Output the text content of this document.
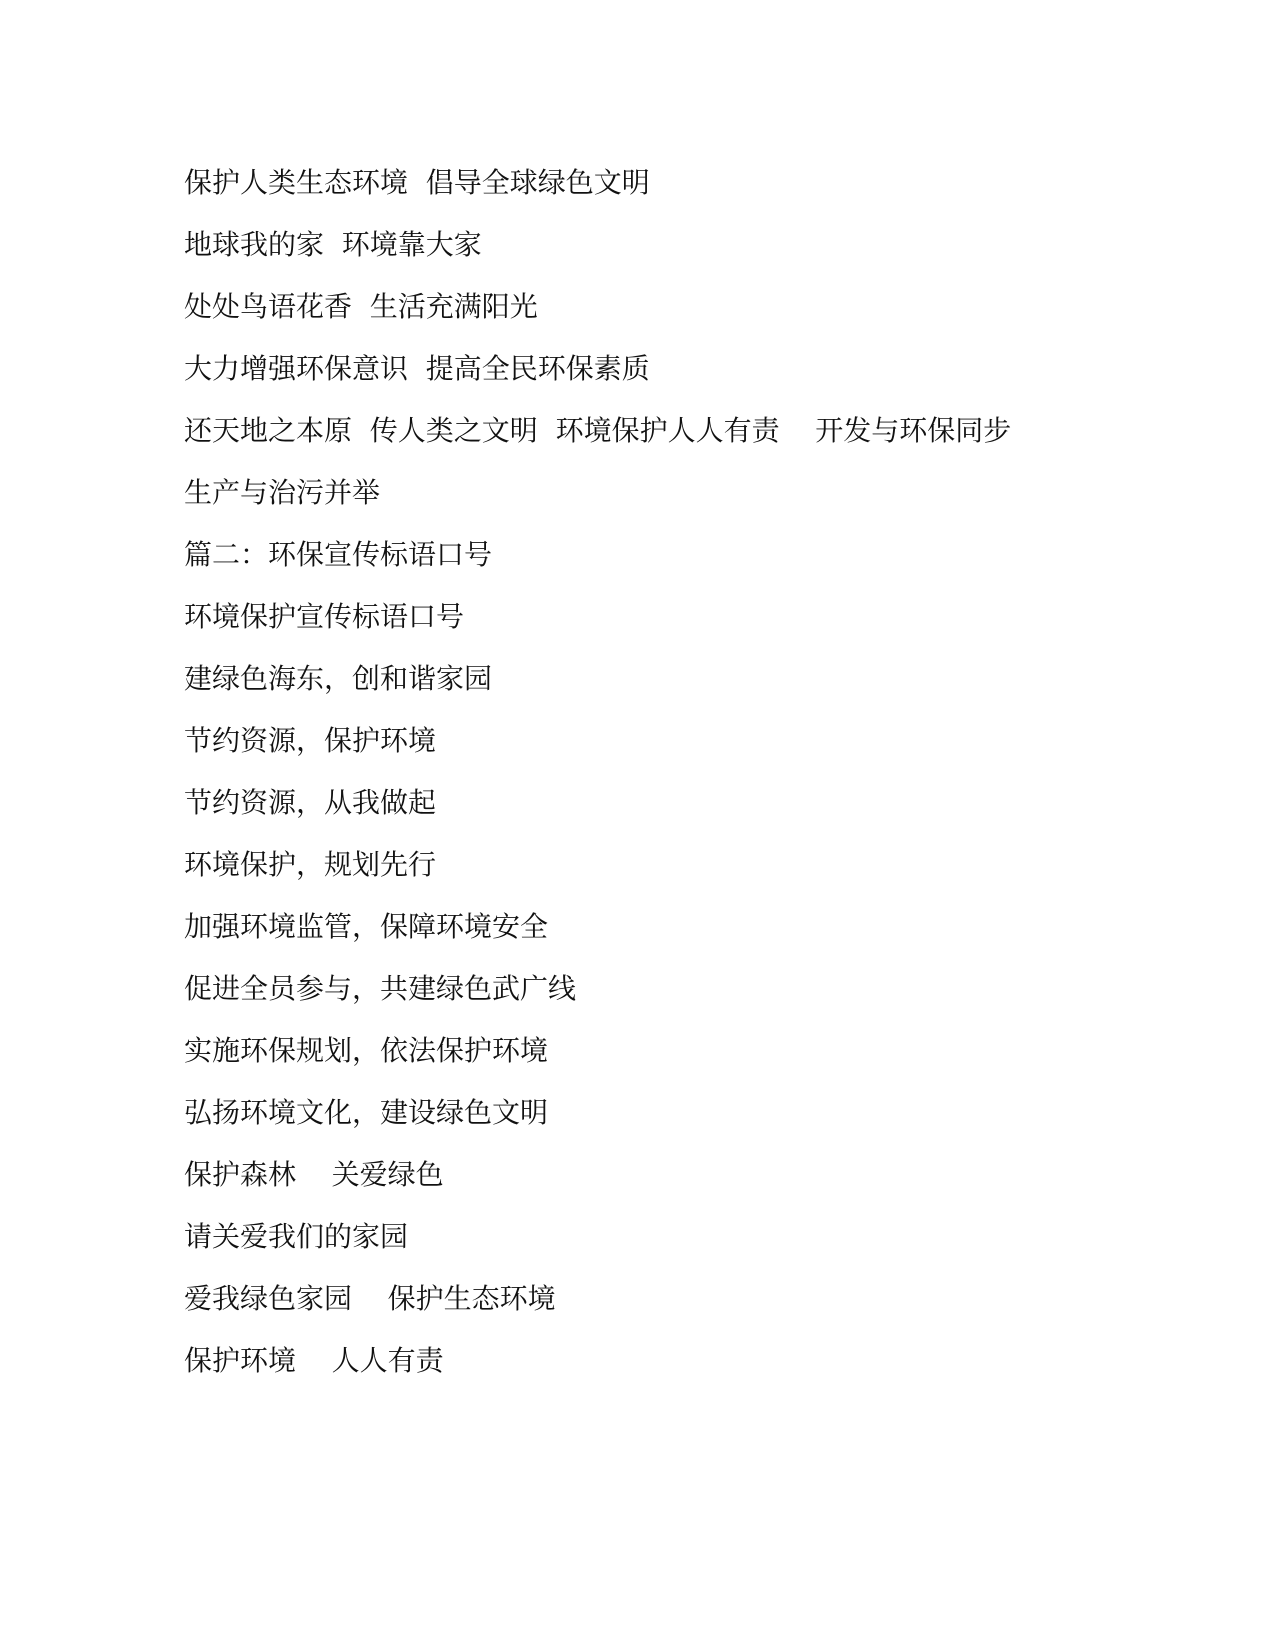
保护人类生态环境  倡导全球绿色文明
地球我的家  环境靠大家
处处鸟语花香  生活充满阳光
大力增强环保意识  提高全民环保素质
还天地之本原  传人类之文明  环境保护人人有责    开发与环保同步
生产与治污并举
篇二：环保宣传标语口号
环境保护宣传标语口号
建绿色海东，创和谐家园
节约资源，保护环境
节约资源，从我做起
环境保护，规划先行
加强环境监管，保障环境安全
促进全员参与，共建绿色武广线
实施环保规划，依法保护环境
弘扬环境文化，建设绿色文明
保护森林    关爱绿色
请关爱我们的家园
爱我绿色家园    保护生态环境
保护环境    人人有责
